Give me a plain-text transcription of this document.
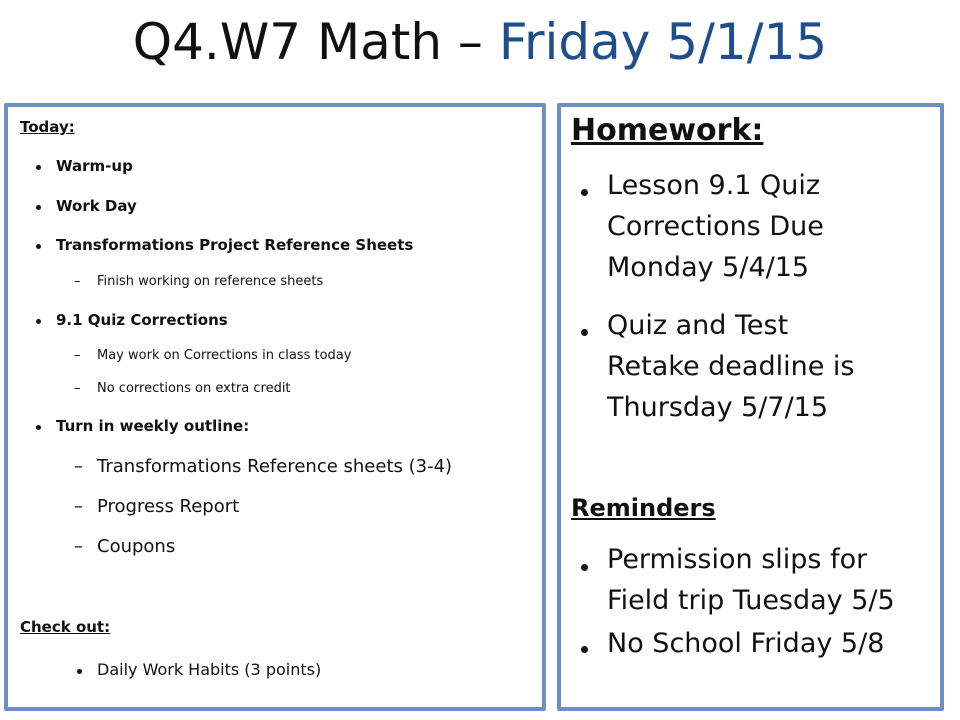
Q4.W7 Math – Friday 5/1/15
Today:
Warm-up
Work Day
Transformations Project Reference Sheets
– Finish working on reference sheets
9.1 Quiz Corrections
– May work on Corrections in class today
– No corrections on extra credit
Turn in weekly outline:
– Transformations Reference sheets (3-4)
– Progress Report
– Coupons
Check out:
Daily Work Habits (3 points)
Homework:
Lesson 9.1 Quiz
Corrections Due
Monday 5/4/15
Quiz and Test
Retake deadline is
Thursday 5/7/15
Reminders
Permission slips for
Field trip Tuesday 5/5
No School Friday 5/8
